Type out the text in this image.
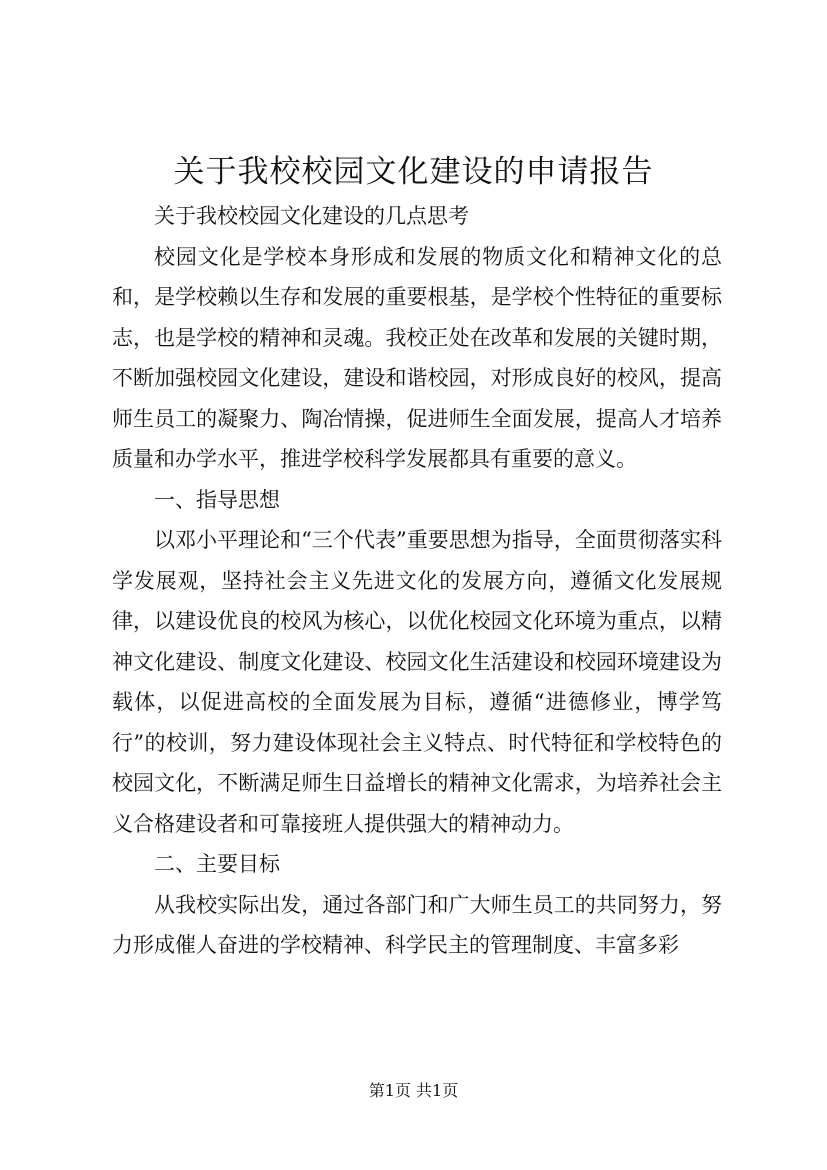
关于我校校园文化建设的申请报告

关于我校校园文化建设的几点思考

校园文化是学校本身形成和发展的物质文化和精神文化的总和，是学校赖以生存和发展的重要根基，是学校个性特征的重要标志，也是学校的精神和灵魂。我校正处在改革和发展的关键时期，不断加强校园文化建设，建设和谐校园，对形成良好的校风，提高师生员工的凝聚力、陶冶情操，促进师生全面发展，提高人才培养质量和办学水平，推进学校科学发展都具有重要的意义。

一、指导思想

以邓小平理论和“三个代表”重要思想为指导，全面贯彻落实科学发展观，坚持社会主义先进文化的发展方向，遵循文化发展规律，以建设优良的校风为核心，以优化校园文化环境为重点，以精神文化建设、制度文化建设、校园文化生活建设和校园环境建设为载体，以促进高校的全面发展为目标，遵循“进德修业，博学笃行”的校训，努力建设体现社会主义特点、时代特征和学校特色的校园文化，不断满足师生日益增长的精神文化需求，为培养社会主义合格建设者和可靠接班人提供强大的精神动力。

二、主要目标

从我校实际出发，通过各部门和广大师生员工的共同努力，努力形成催人奋进的学校精神、科学民主的管理制度、丰富多彩

第1页 共1页
